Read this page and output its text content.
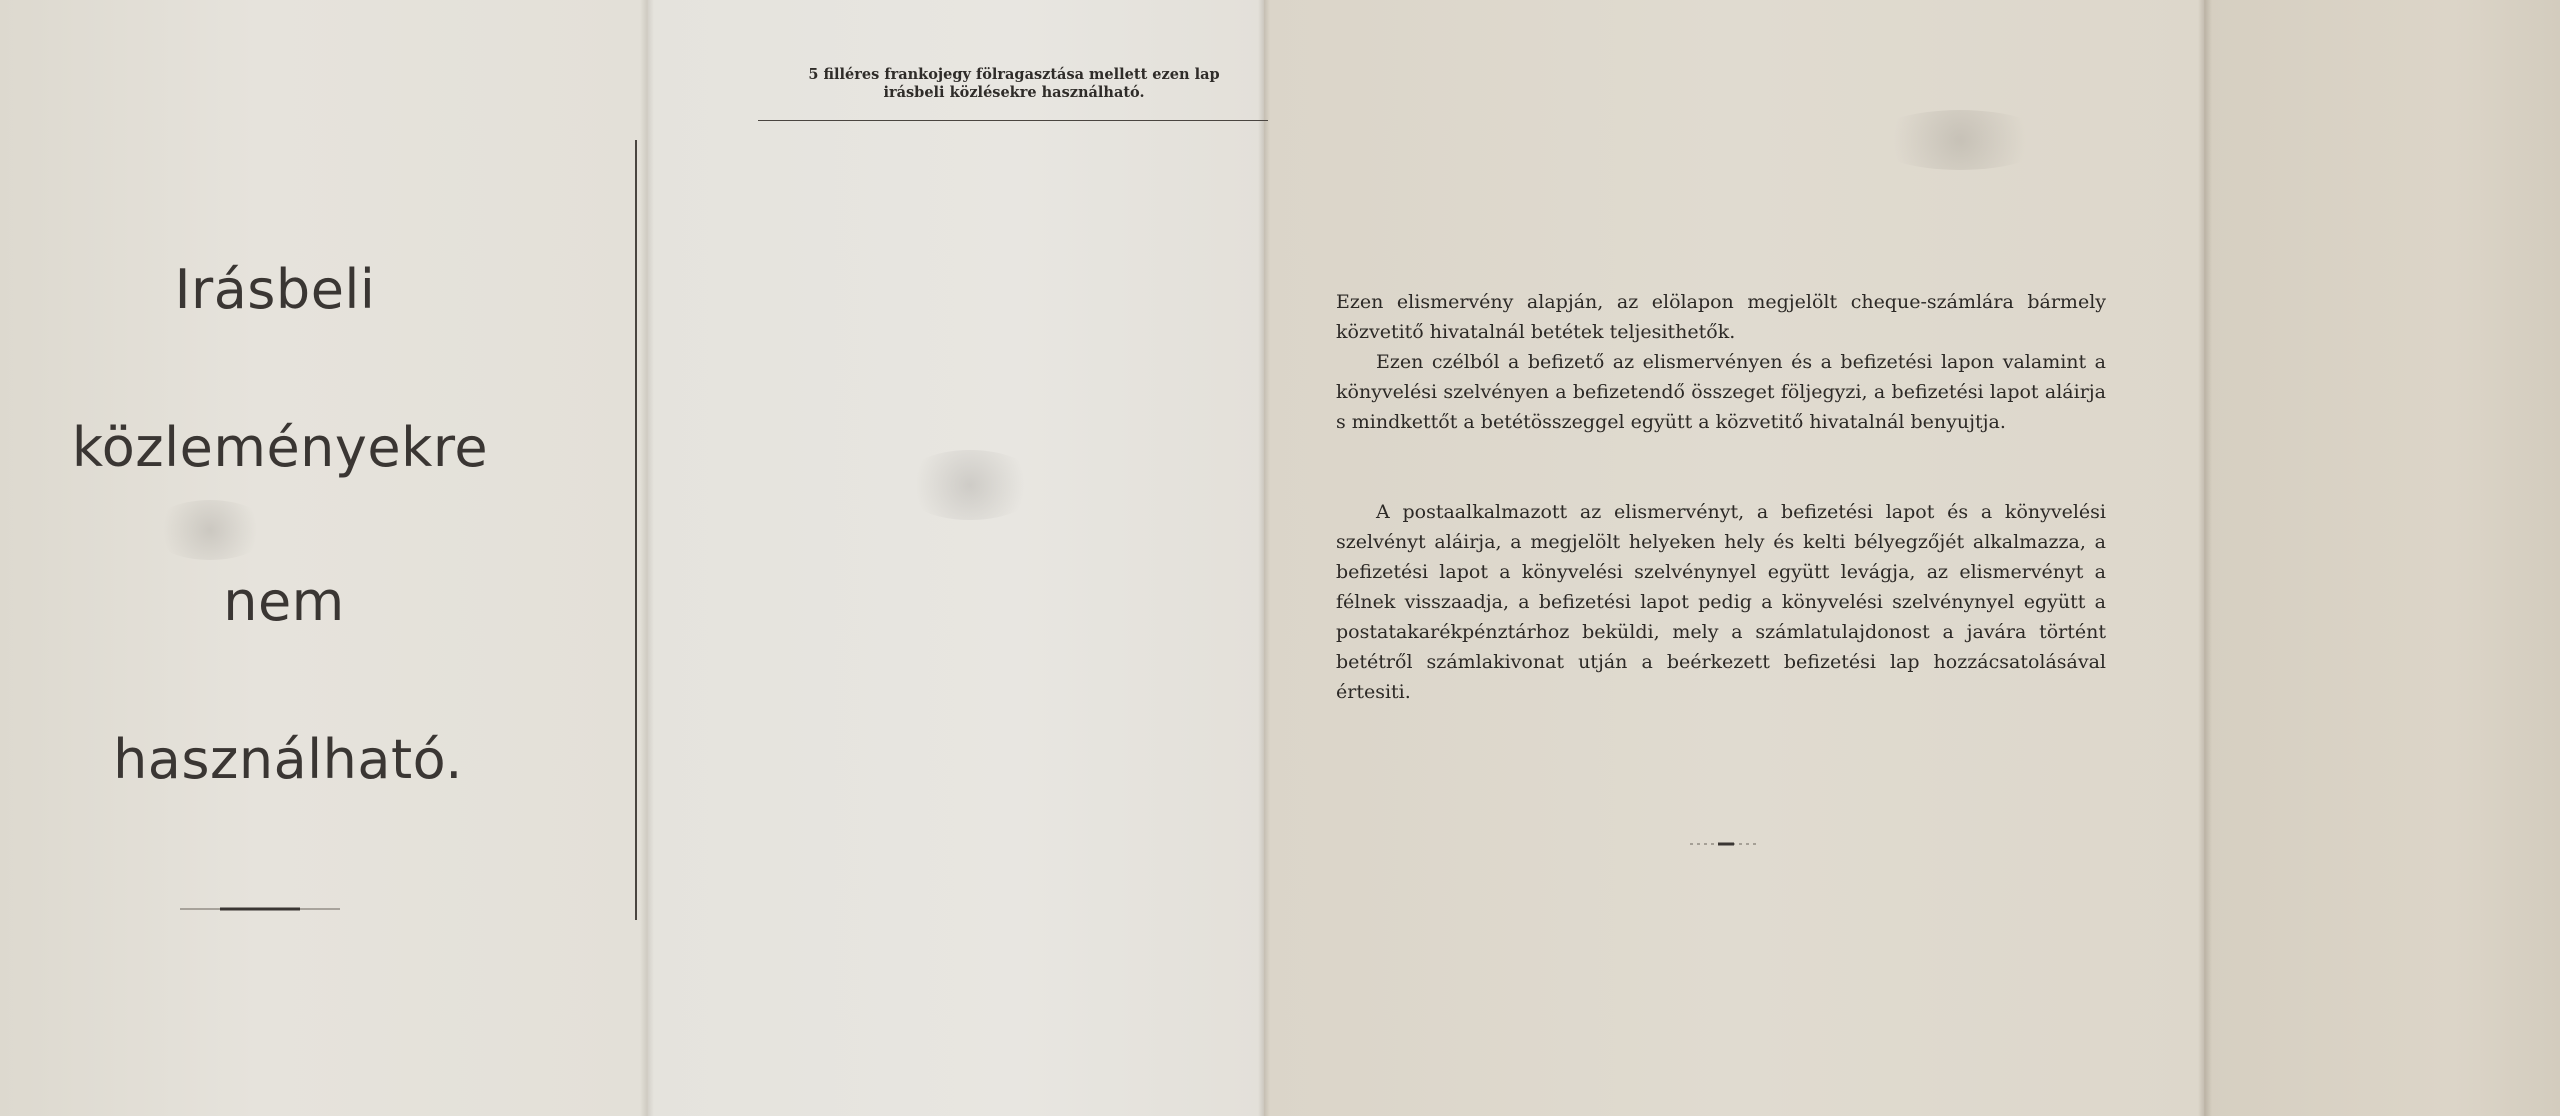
Irásbeli
közleményekre
nem
használható.
5 filléres frankojegy fölragasztása mellett ezen lap
irásbeli közlésekre használható.

Ezen elismervény alapján, az elölapon megjelölt cheque-számlára bármely közvetitő hivatalnál betétek teljesithetők.

Ezen czélból a befizető az elismervényen és a befizetési lapon valamint a könyvelési szelvényen a befizetendő összeget följegyzi, a befizetési lapot aláirja s mindkettőt a betétösszeggel együtt a közvetitő hivatalnál benyujtja.

A postaalkalmazott az elismervényt, a befizetési lapot és a könyvelési szelvényt aláirja, a megjelölt helyeken hely és kelti bélyegzőjét alkalmazza, a befizetési lapot a könyvelési szelvénynyel együtt levágja, az elismervényt a félnek visszaadja, a befizetési lapot pedig a könyvelési szelvénynyel együtt a postatakarékpénztárhoz beküldi, mely a számlatulajdonost a javára történt betétről számlakivonat utján a beérkezett befizetési lap hozzácsatolásával értesiti.
